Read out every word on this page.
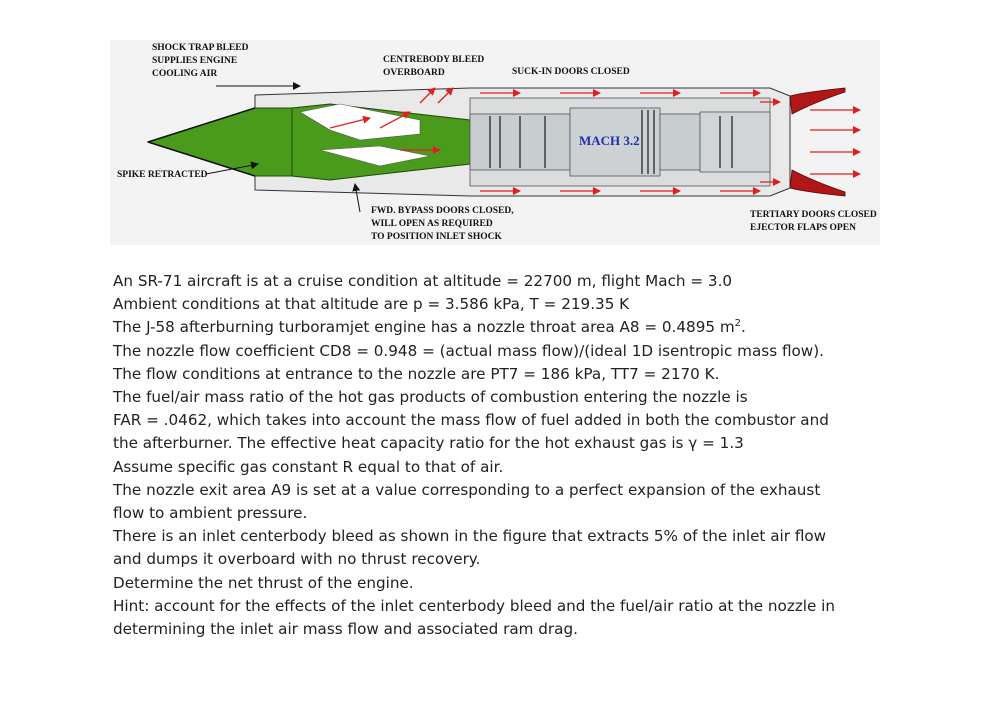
SHOCK TRAP BLEED
SUPPLIES ENGINE
COOLING AIR
CENTREBODY BLEED
OVERBOARD	SUCK-IN DOORS CLOSED
SPIKE RETRACTED
MACH 3.2
FWD. BYPASS DOORS CLOSED,
WILL OPEN AS REQUIRED
TO POSITION INLET SHOCK
TERTIARY DOORS CLOSED
EJECTOR FLAPS OPEN

An SR-71 aircraft is at a cruise condition at altitude = 22700 m, flight Mach = 3.0

Ambient conditions at that altitude are p = 3.586 kPa, T = 219.35 K

The J-58 afterburning turboramjet engine has a nozzle throat area A8 = 0.4895 $m^2$.

The nozzle flow coefficient CD8 = 0.948 = (actual mass flow)/(ideal 1D isentropic mass flow).

The flow conditions at entrance to the nozzle are PT7 = 186 kPa, TT7 = 2170 K.

The fuel/air mass ratio of the hot gas products of combustion entering the nozzle is

FAR = .0462, which takes into account the mass flow of fuel added in both the combustor and

the afterburner. The effective heat capacity ratio for the hot exhaust gas is γ = 1.3

Assume specific gas constant R equal to that of air.

The nozzle exit area A9 is set at a value corresponding to a perfect expansion of the exhaust

flow to ambient pressure.

There is an inlet centerbody bleed as shown in the figure that extracts 5% of the inlet air flow

and dumps it overboard with no thrust recovery.

Determine the net thrust of the engine.

Hint: account for the effects of the inlet centerbody bleed and the fuel/air ratio at the nozzle in

determining the inlet air mass flow and associated ram drag.
